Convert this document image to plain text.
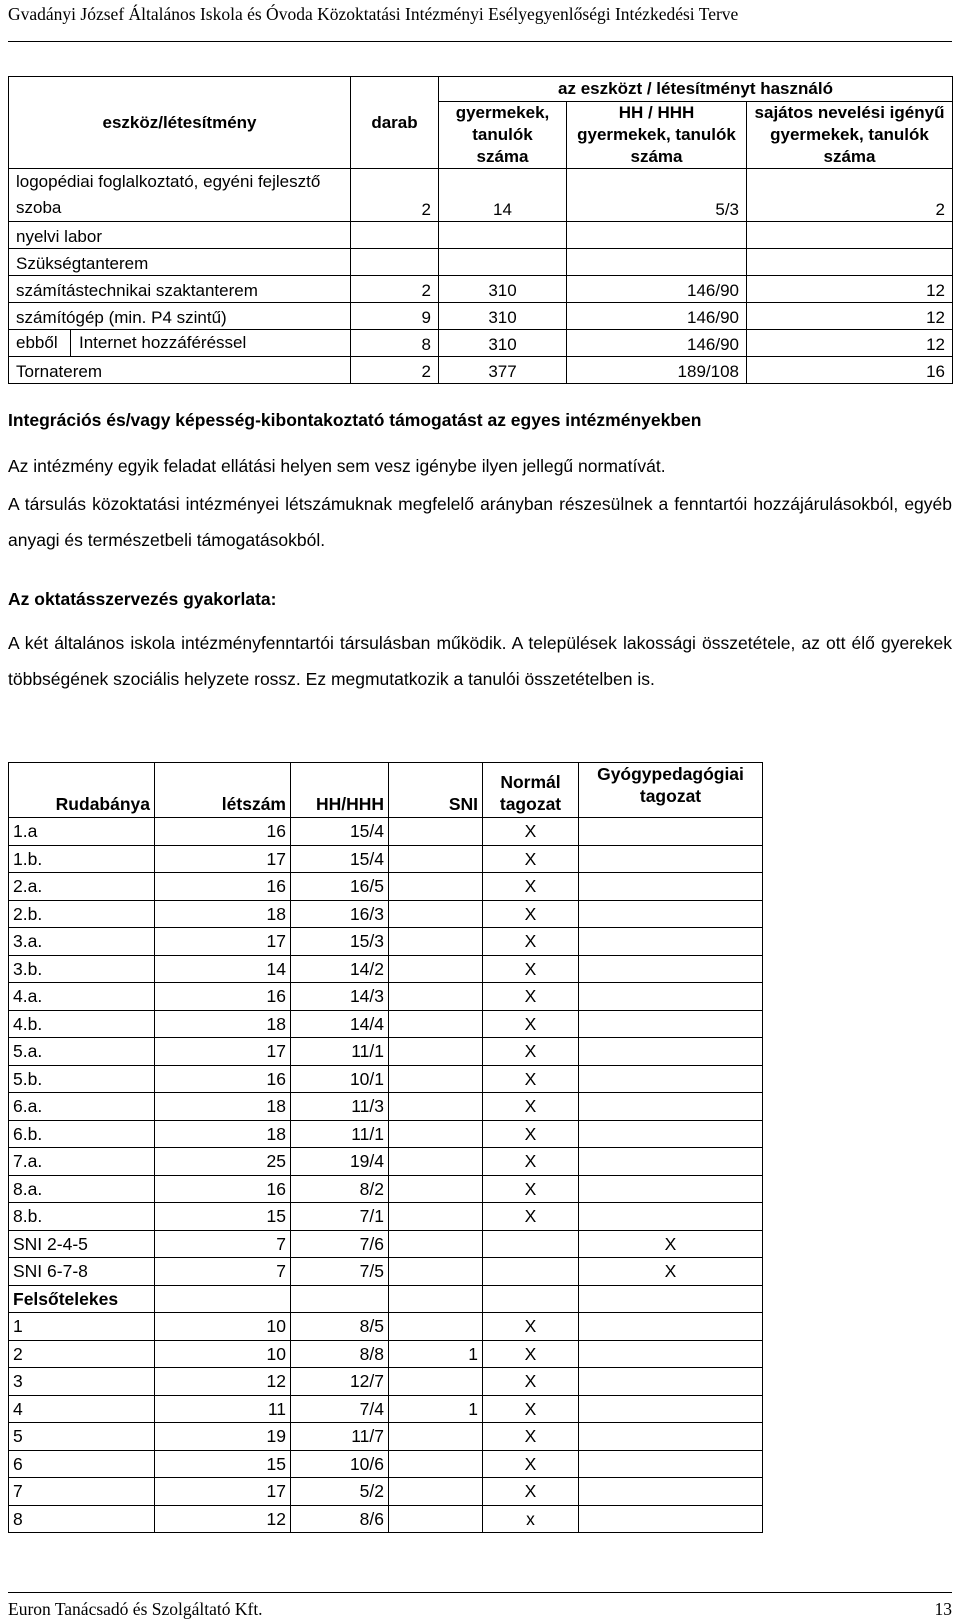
Gvadányi József Általános Iskola és Óvoda Közoktatási Intézményi Esélyegyenlőségi Intézkedési Terve
eszköz/létesítmény	darab	az eszközt / létesítményt használó		
		gyermekek, tanulók száma	HH / HHH gyermekek, tanulók száma	sajátos nevelési igényű gyermekek, tanulók száma
logopédiai foglalkoztató, egyéni fejlesztő szoba	2	14	5/3	2
nyelvi labor				
Szükségtanterem				
számítástechnikai szaktanterem	2	310	146/90	12
számítógép (min. P4 szintű)	9	310	146/90	12

ebből Internet hozzáféréssel	8	310	146/90	12
Tornaterem	2	377	189/108	16
Integrációs és/vagy képesség-kibontakoztató támogatást az egyes intézményekben
Az intézmény egyik feladat ellátási helyen sem vesz igénybe ilyen jellegű normatívát.
A társulás közoktatási intézményei létszámuknak megfelelő arányban részesülnek a fenntartói hozzájárulásokból, egyéb anyagi és természetbeli támogatásokból.
Az oktatásszervezés gyakorlata:
A két általános iskola intézményfenntartói társulásban működik. A települések lakossági összetétele, az ott élő gyerekek többségének szociális helyzete rossz. Ez megmutatkozik a tanulói összetételben is.
Rudabánya	létszám	HH/HHH	SNI	Normál tagozat	Gyógypedagógiai tagozat
1.a	16	15/4		X	
1.b.	17	15/4		X	
2.a.	16	16/5		X	
2.b.	18	16/3		X	
3.a.	17	15/3		X	
3.b.	14	14/2		X	
4.a.	16	14/3		X	
4.b.	18	14/4		X	
5.a.	17	11/1		X	
5.b.	16	10/1		X	
6.a.	18	11/3		X	
6.b.	18	11/1		X	
7.a.	25	19/4		X	
8.a.	16	8/2		X	
8.b.	15	7/1		X	
SNI 2-4-5	7	7/6			X
SNI 6-7-8	7	7/5			X
Felsőtelekes					
1	10	8/5		X	
2	10	8/8	1	X	
3	12	12/7		X	
4	11	7/4	1	X	
5	19	11/7		X	
6	15	10/6		X	
7	17	5/2		X	
8	12	8/6		x	
Euron Tanácsadó és Szolgáltató Kft.	13
